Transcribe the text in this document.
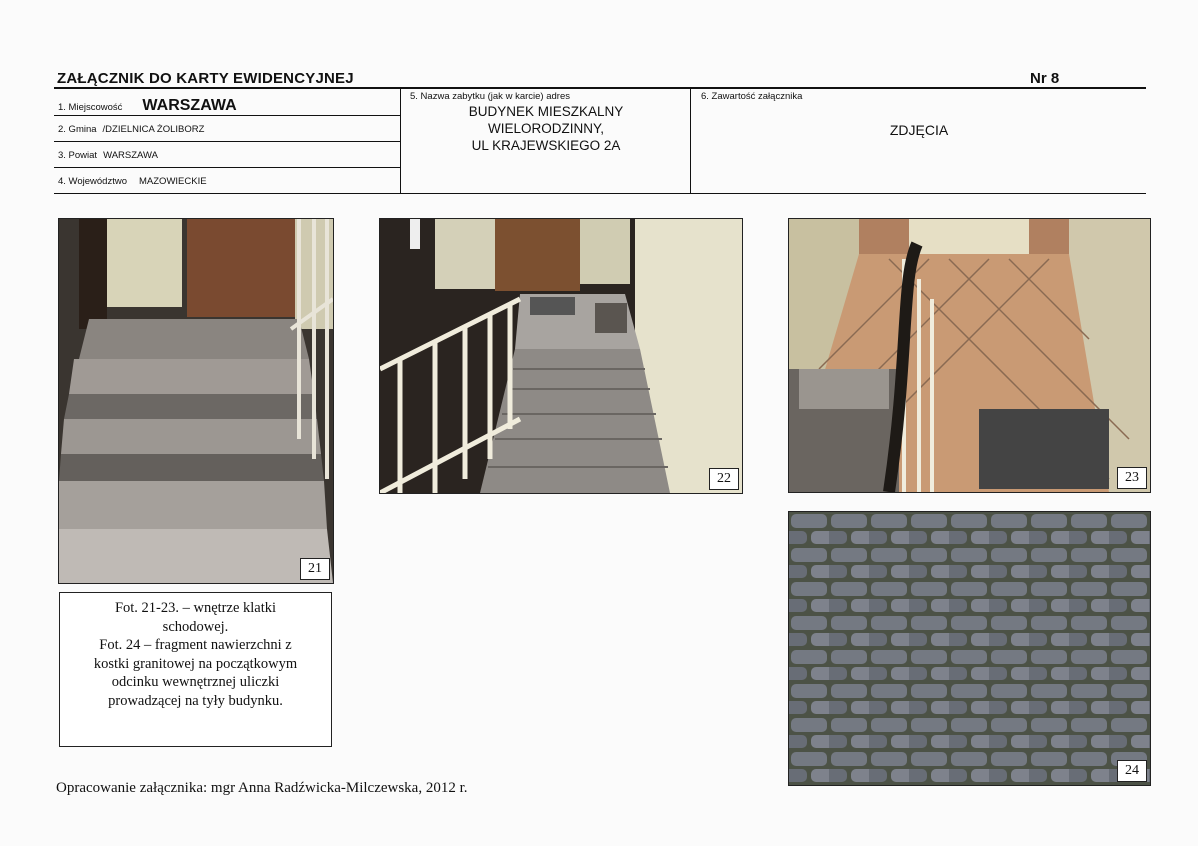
ZAŁĄCZNIK DO KARTY EWIDENCYJNEJ	Nr 8
1. Miejscowość WARSZAWA
2. Gmina /DZIELNICA ŻOLIBORZ
3. Powiat WARSZAWA
4. Województwo MAZOWIECKIE
5. Nazwa zabytku (jak w karcie) adres
BUDYNEK MIESZKALNY
WIELORODZINNY,
UL KRAJEWSKIEGO 2A
6. Zawartość załącznika
ZDJĘCIA
21
22	23
24
Fot. 21-23. – wnętrze klatki
schodowej.
Fot. 24 – fragment nawierzchni z
kostki granitowej na początkowym
odcinku wewnętrznej uliczki
prowadzącej na tyły budynku.
Opracowanie załącznika: mgr Anna Radźwicka-Milczewska, 2012 r.
